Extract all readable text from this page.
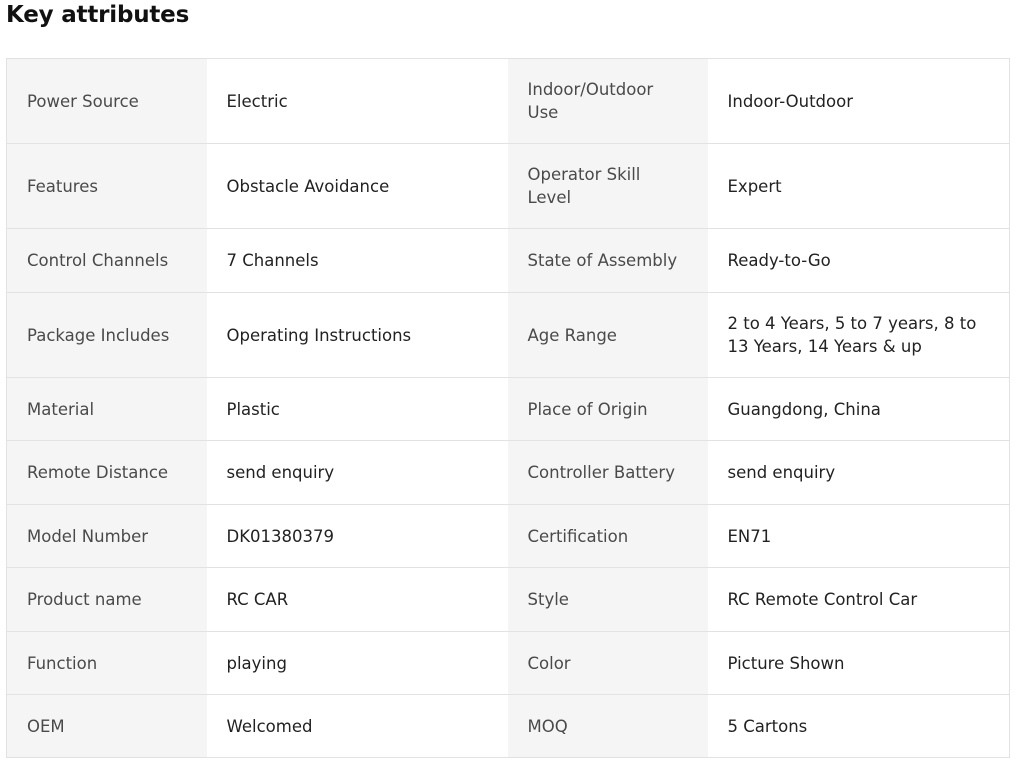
Key attributes
Power Source	Electric	Indoor/Outdoor Use	Indoor-Outdoor
Features	Obstacle Avoidance	Operator Skill Level	Expert
Control Channels	7 Channels	State of Assembly	Ready-to-Go
Package Includes	Operating Instructions	Age Range	2 to 4 Years, 5 to 7 years, 8 to 13 Years, 14 Years & up
Material	Plastic	Place of Origin	Guangdong, China
Remote Distance	send enquiry	Controller Battery	send enquiry
Model Number	DK01380379	Certification	EN71
Product name	RC CAR	Style	RC Remote Control Car
Function	playing	Color	Picture Shown
OEM	Welcomed	MOQ	5 Cartons
